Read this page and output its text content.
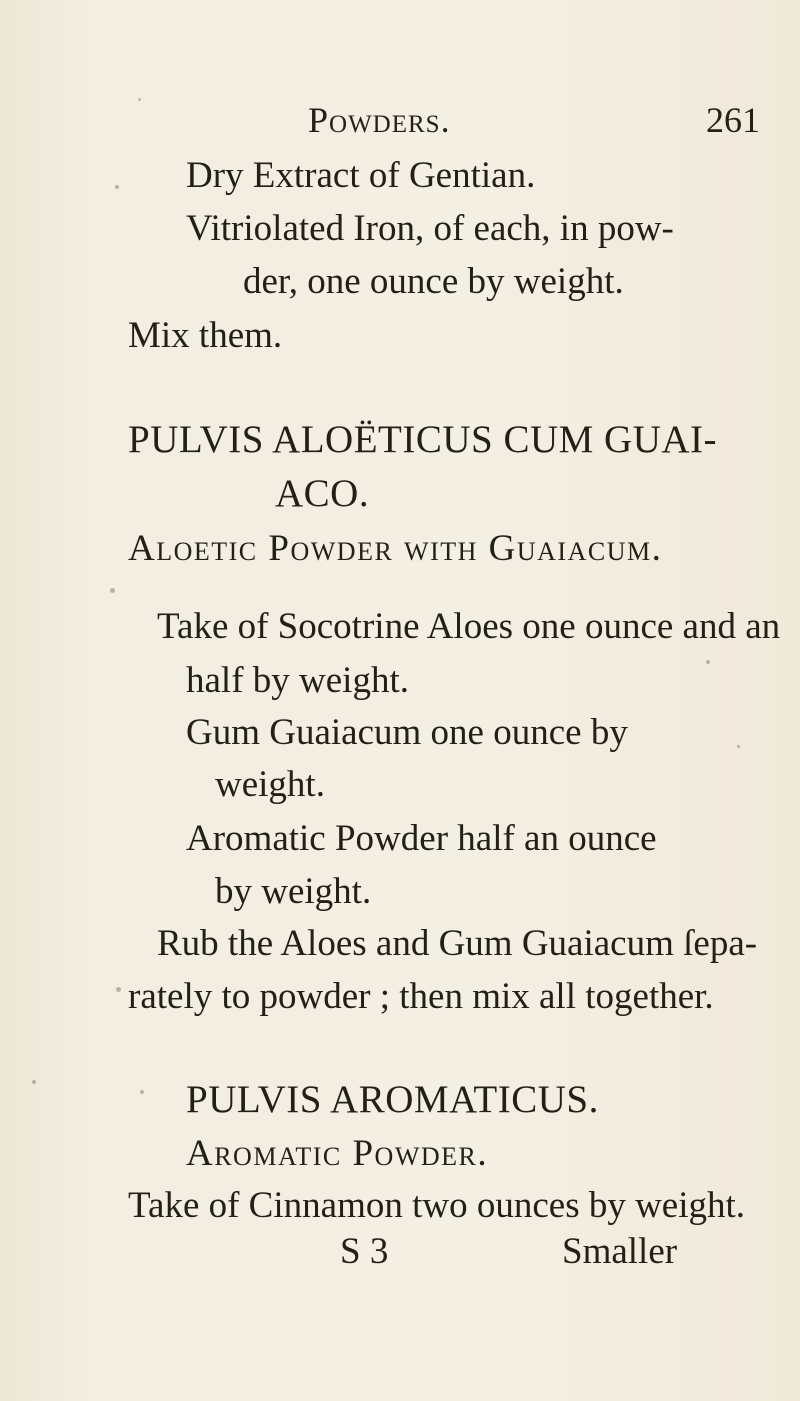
Powders.	261
Dry Extract of Gentian.
Vitriolated Iron, of each, in pow-
der, one ounce by weight.
Mix them.
PULVIS ALOËTICUS CUM GUAI-
ACO.
Aloetic Powder with Guaiacum.
Take of Socotrine Aloes one ounce and an
half by weight.
Gum Guaiacum one ounce by
weight.
Aromatic Powder half an ounce
by weight.
Rub the Aloes and Gum Guaiacum ſepa-
rately to powder ; then mix all together.
PULVIS AROMATICUS.
Aromatic Powder.
Take of Cinnamon two ounces by weight.
S 3	Smaller
